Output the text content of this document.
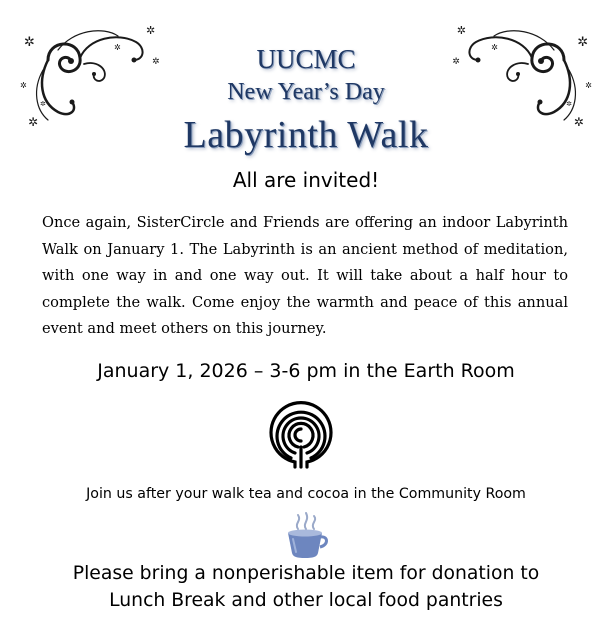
✲
✲
✲
✲
✲
✲
✲
✲
✲
✲
✲
✲
✲
✲
UUCMC
New Year’s Day
Labyrinth Walk
All are invited!
Once again, SisterCircle and Friends are offering an indoor Labyrinth Walk on January 1. The Labyrinth is an ancient method of meditation, with one way in and one way out. It will take about a half hour to complete the walk. Come enjoy the warmth and peace of this annual event and meet others on this journey.
January 1, 2026 – 3-6 pm in the Earth Room
Join us after your walk tea and cocoa in the Community Room
Please bring a nonperishable item for donation to
Lunch Break and other local food pantries
